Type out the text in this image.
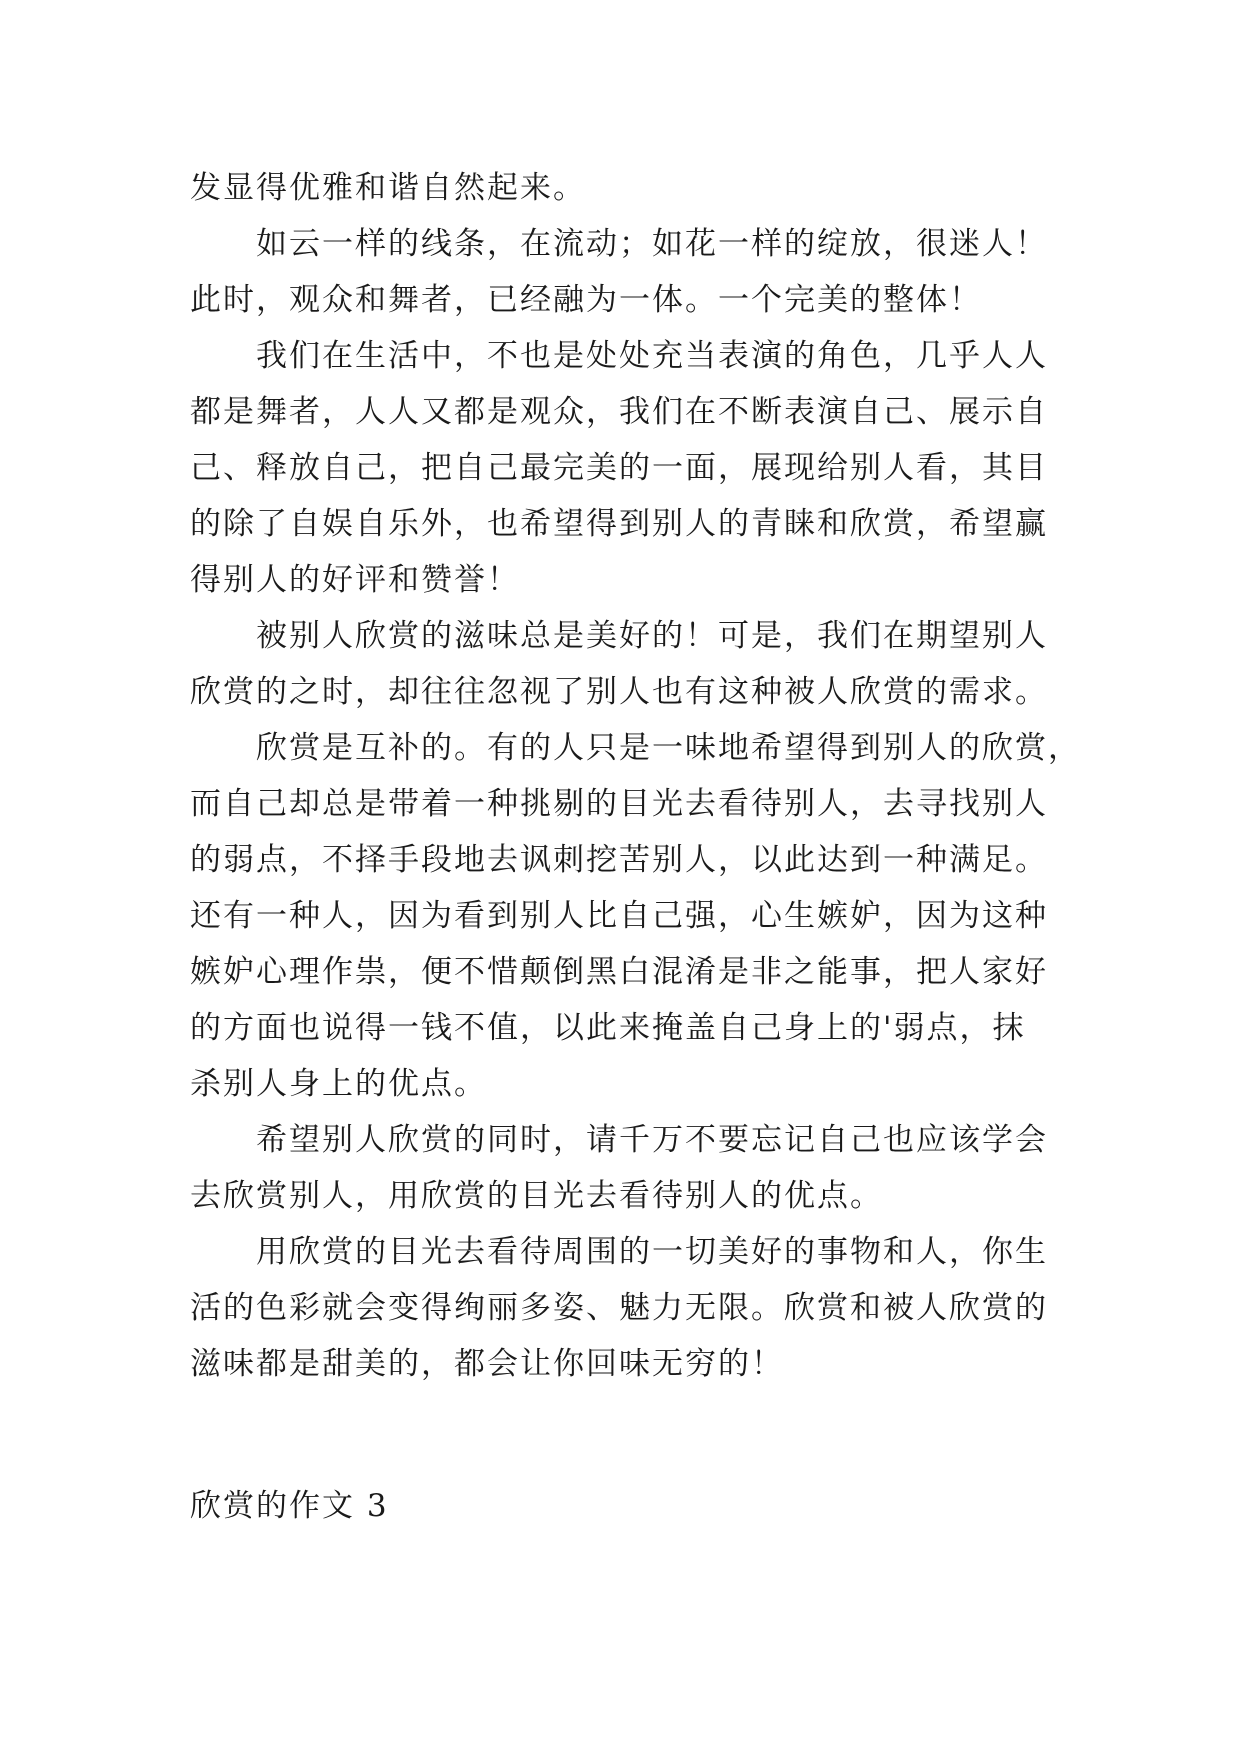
发显得优雅和谐自然起来。
如云一样的线条，在流动；如花一样的绽放，很迷人！
此时，观众和舞者，已经融为一体。一个完美的整体！
我们在生活中，不也是处处充当表演的角色，几乎人人
都是舞者，人人又都是观众，我们在不断表演自己、展示自
己、释放自己，把自己最完美的一面，展现给别人看，其目
的除了自娱自乐外，也希望得到别人的青睐和欣赏，希望赢
得别人的好评和赞誉！
被别人欣赏的滋味总是美好的！可是，我们在期望别人
欣赏的之时，却往往忽视了别人也有这种被人欣赏的需求。
欣赏是互补的。有的人只是一味地希望得到别人的欣赏，
而自己却总是带着一种挑剔的目光去看待别人，去寻找别人
的弱点，不择手段地去讽刺挖苦别人，以此达到一种满足。
还有一种人，因为看到别人比自己强，心生嫉妒，因为这种
嫉妒心理作祟，便不惜颠倒黑白混淆是非之能事，把人家好
的方面也说得一钱不值，以此来掩盖自己身上的'弱点，抹
杀别人身上的优点。
希望别人欣赏的同时，请千万不要忘记自己也应该学会
去欣赏别人，用欣赏的目光去看待别人的优点。
用欣赏的目光去看待周围的一切美好的事物和人，你生
活的色彩就会变得绚丽多姿、魅力无限。欣赏和被人欣赏的
滋味都是甜美的，都会让你回味无穷的！
欣赏的作文 3
